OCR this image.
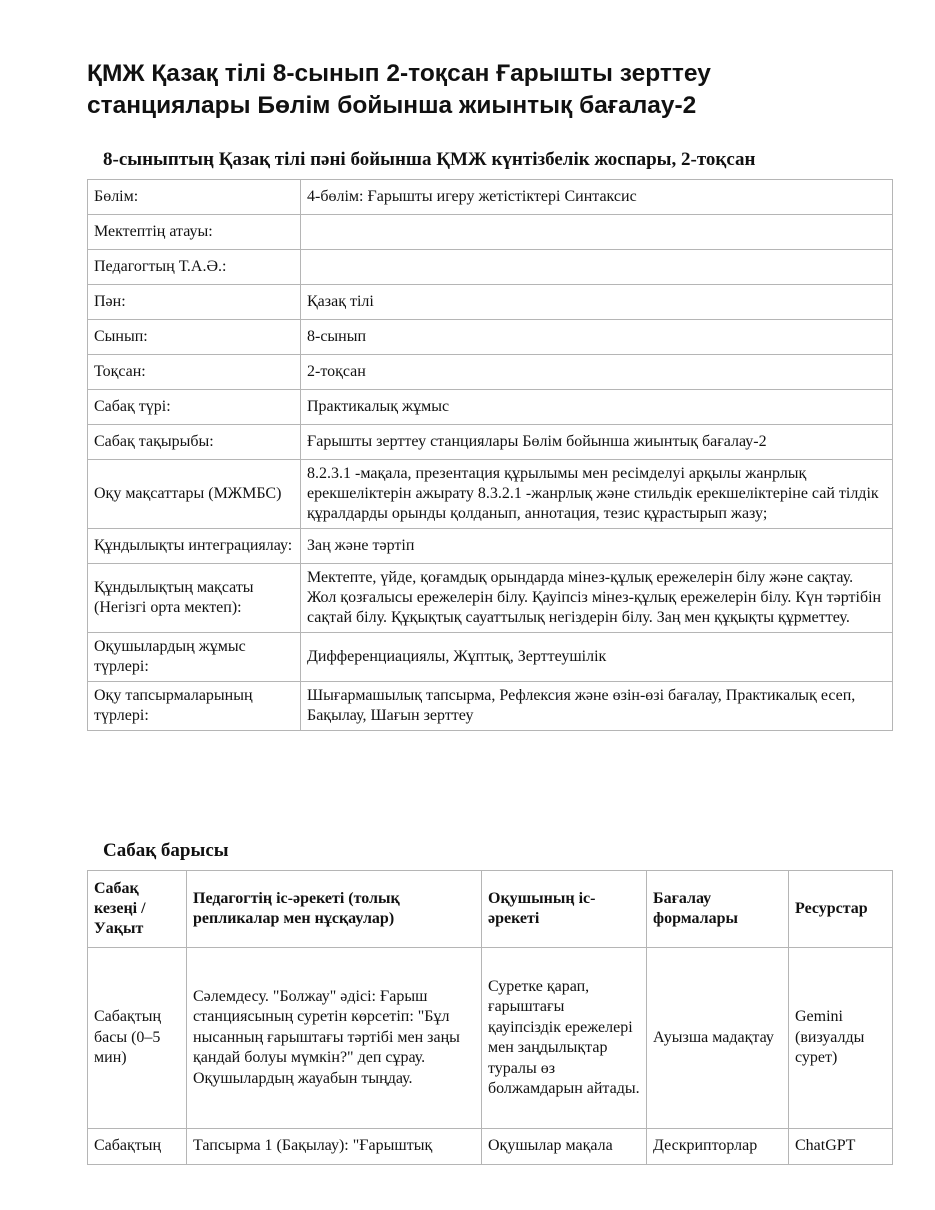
ҚМЖ Қазақ тілі 8-сынып 2-тоқсан Ғарышты зерттеу станциялары Бөлім бойынша жиынтық бағалау-2
8-сыныптың Қазақ тілі пәні бойынша ҚМЖ күнтізбелік жоспары, 2-тоқсан
Бөлім:	4-бөлім: Ғарышты игеру жетістіктері Синтаксис
Мектептің атауы:	
Педагогтың Т.А.Ә.:	
Пән:	Қазақ тілі
Сынып:	8-сынып
Тоқсан:	2-тоқсан
Сабақ түрі:	Практикалық жұмыс
Сабақ тақырыбы:	Ғарышты зерттеу станциялары Бөлім бойынша жиынтық бағалау-2
Оқу мақсаттары (МЖМБС)	8.2.3.1 -мақала, презентация құрылымы мен ресімделуі арқылы жанрлық ерекшеліктерін ажырату 8.3.2.1 -жанрлық және стильдік ерекшеліктеріне сай тілдік құралдарды орынды қолданып, аннотация, тезис құрастырып жазу;
Құндылықты интеграциялау:	Заң және тәртіп
Құндылықтың мақсаты (Негізгі орта мектеп):	Мектепте, үйде, қоғамдық орындарда мінез-құлық ережелерін білу және сақтау. Жол қозғалысы ережелерін білу. Қауіпсіз мінез-құлық ережелерін білу. Күн тәртібін сақтай білу. Құқықтық сауаттылық негіздерін білу. Заң мен құқықты құрметтеу.
Оқушылардың жұмыс түрлері:	Дифференциациялы, Жұптық, Зерттеушілік
Оқу тапсырмаларының түрлері:	Шығармашылық тапсырма, Рефлексия және өзін-өзі бағалау, Практикалық есеп, Бақылау, Шағын зерттеу
Сабақ барысы
Сабақ кезеңі / Уақыт	Педагогтің іс-әрекеті (толық репликалар мен нұсқаулар)	Оқушының іс-әрекеті	Бағалау формалары	Ресурстар
Сабақтың басы (0–5 мин)	Сәлемдесу. "Болжау" әдісі: Ғарыш станциясының суретін көрсетіп: "Бұл нысанның ғарыштағы тәртібі мен заңы қандай болуы мүмкін?" деп сұрау. Оқушылардың жауабын тыңдау.	Суретке қарап, ғарыштағы қауіпсіздік ережелері мен заңдылықтар туралы өз болжамдарын айтады.	Ауызша мадақтау	Gemini (визуалды сурет)
Сабақтың	Тапсырма 1 (Бақылау): "Ғарыштық	Оқушылар мақала	Дескрипторлар	ChatGPT
